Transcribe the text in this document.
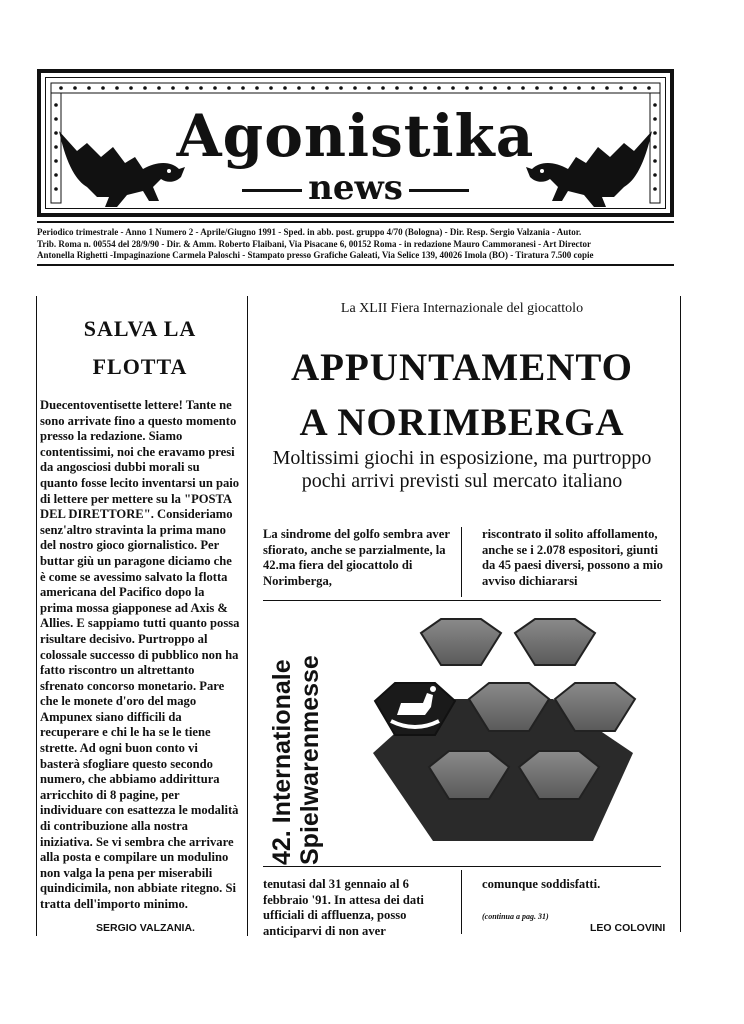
Agonistika
news
Periodico trimestrale - Anno 1 Numero 2 - Aprile/Giugno 1991 - Sped. in abb. post. gruppo 4/70 (Bologna) - Dir. Resp. Sergio Valzania - Autor.
Trib. Roma n. 00554 del 28/9/90 - Dir. & Amm. Roberto Flaibani, Via Pisacane 6, 00152 Roma - in redazione Mauro Cammoranesi - Art Director
Antonella Righetti -Impaginazione Carmela Paloschi - Stampato presso Grafiche Galeati, Via Selice 139, 40026 Imola (BO) - Tiratura 7.500 copie
SALVA LA
FLOTTA
Duecentoventisette lettere! Tante ne sono arrivate fino a questo momento presso la redazione. Siamo contentissimi, noi che eravamo presi da angosciosi dubbi morali su quanto fosse lecito inventarsi un paio di lettere per mettere su la "POSTA DEL DIRETTORE". Consideriamo senz'altro stravinta la prima mano del nostro gioco giornalistico. Per buttar giù un paragone diciamo che è come se avessimo salvato la flotta americana del Pacifico dopo la prima mossa giapponese ad Axis & Allies. E sappiamo tutti quanto possa risultare decisivo. Purtroppo al colossale successo di pubblico non ha fatto riscontro un altrettanto sfrenato concorso monetario. Pare che le monete d'oro del mago Ampunex siano difficili da recuperare e chi le ha se le tiene strette. Ad ogni buon conto vi basterà sfogliare questo secondo numero, che abbiamo addirittura arricchito di 8 pagine, per individuare con esattezza le modalità di contribuzione alla nostra iniziativa. Se vi sembra che arrivare alla posta e compilare un modulino non valga la pena per miserabili quindicimila, non abbiate ritegno. Si tratta dell'importo minimo.
SERGIO VALZANIA.
La XLII Fiera Internazionale del giocattolo
APPUNTAMENTO
A NORIMBERGA
Moltissimi giochi in esposizione, ma purtroppo pochi arrivi previsti sul mercato italiano
La sindrome del golfo sembra aver sfiorato, anche se parzialmente, la 42.ma fiera del giocattolo di Norimberga,
riscontrato il solito affollamento, anche se i 2.078 espositori, giunti da 45 paesi diversi, possono a mio avviso dichiararsi
42. Internationale Spielwarenmesse
tenutasi dal 31 gennaio al 6 febbraio '91. In attesa dei dati ufficiali di affluenza, posso anticiparvi di non aver
comunque soddisfatti.
(continua a pag. 31)
LEO COLOVINI
